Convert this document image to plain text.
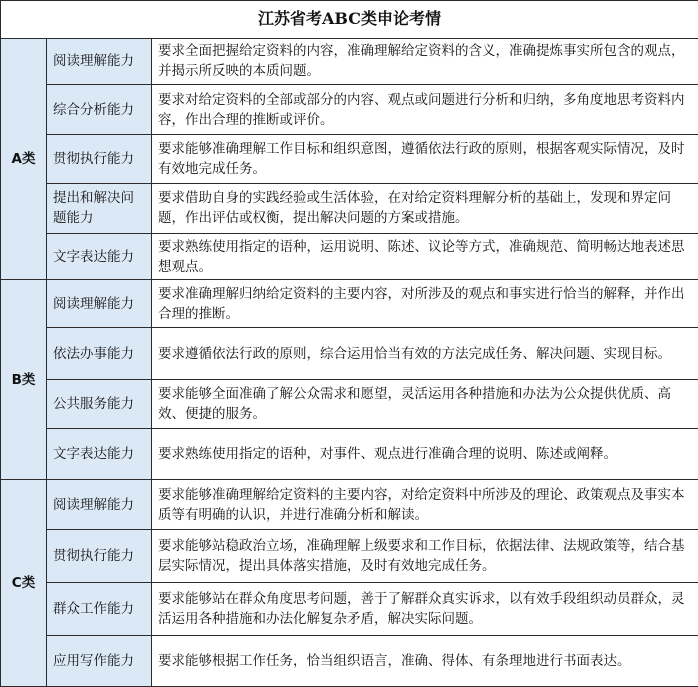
江苏省考ABC类申论考情		
A类	阅读理解能力	要求全面把握给定资料的内容，准确理解给定资料的含义，准确提炼事实所包含的观点，并揭示所反映的本质问题。
	综合分析能力	要求对给定资料的全部或部分的内容、观点或问题进行分析和归纳，多角度地思考资料内容，作出合理的推断或评价。
	贯彻执行能力	要求能够准确理解工作目标和组织意图，遵循依法行政的原则，根据客观实际情况，及时有效地完成任务。
	提出和解决问题能力	要求借助自身的实践经验或生活体验，在对给定资料理解分析的基础上，发现和界定问题，作出评估或权衡，提出解决问题的方案或措施。
	文字表达能力	要求熟练使用指定的语种，运用说明、陈述、议论等方式，准确规范、简明畅达地表述思想观点。
B类	阅读理解能力	要求准确理解归纳给定资料的主要内容，对所涉及的观点和事实进行恰当的解释，并作出合理的推断。
	依法办事能力	要求遵循依法行政的原则，综合运用恰当有效的方法完成任务、解决问题、实现目标。
	公共服务能力	要求能够全面准确了解公众需求和愿望，灵活运用各种措施和办法为公众提供优质、高效、便捷的服务。
	文字表达能力	要求熟练使用指定的语种，对事件、观点进行准确合理的说明、陈述或阐释。
C类	阅读理解能力	要求能够准确理解给定资料的主要内容，对给定资料中所涉及的理论、政策观点及事实本质等有明确的认识，并进行准确分析和解读。
	贯彻执行能力	要求能够站稳政治立场，准确理解上级要求和工作目标，依据法律、法规政策等，结合基层实际情况，提出具体落实措施，及时有效地完成任务。
	群众工作能力	要求能够站在群众角度思考问题，善于了解群众真实诉求，以有效手段组织动员群众，灵活运用各种措施和办法化解复杂矛盾，解决实际问题。
	应用写作能力	要求能够根据工作任务，恰当组织语言，准确、得体、有条理地进行书面表达。
